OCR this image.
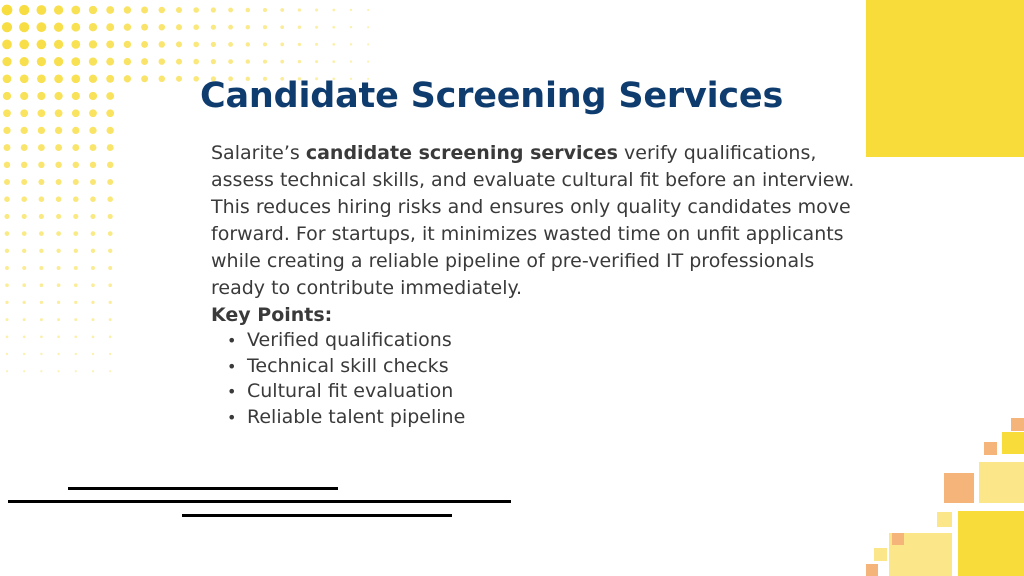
Candidate Screening Services

Salarite’s candidate screening services verify qualifications, assess technical skills, and evaluate cultural fit before an interview. This reduces hiring risks and ensures only quality candidates move forward. For startups, it minimizes wasted time on unfit applicants while creating a reliable pipeline of pre-verified IT professionals ready to contribute immediately.

Key Points:
• Verified qualifications
• Technical skill checks
• Cultural fit evaluation
• Reliable talent pipeline
